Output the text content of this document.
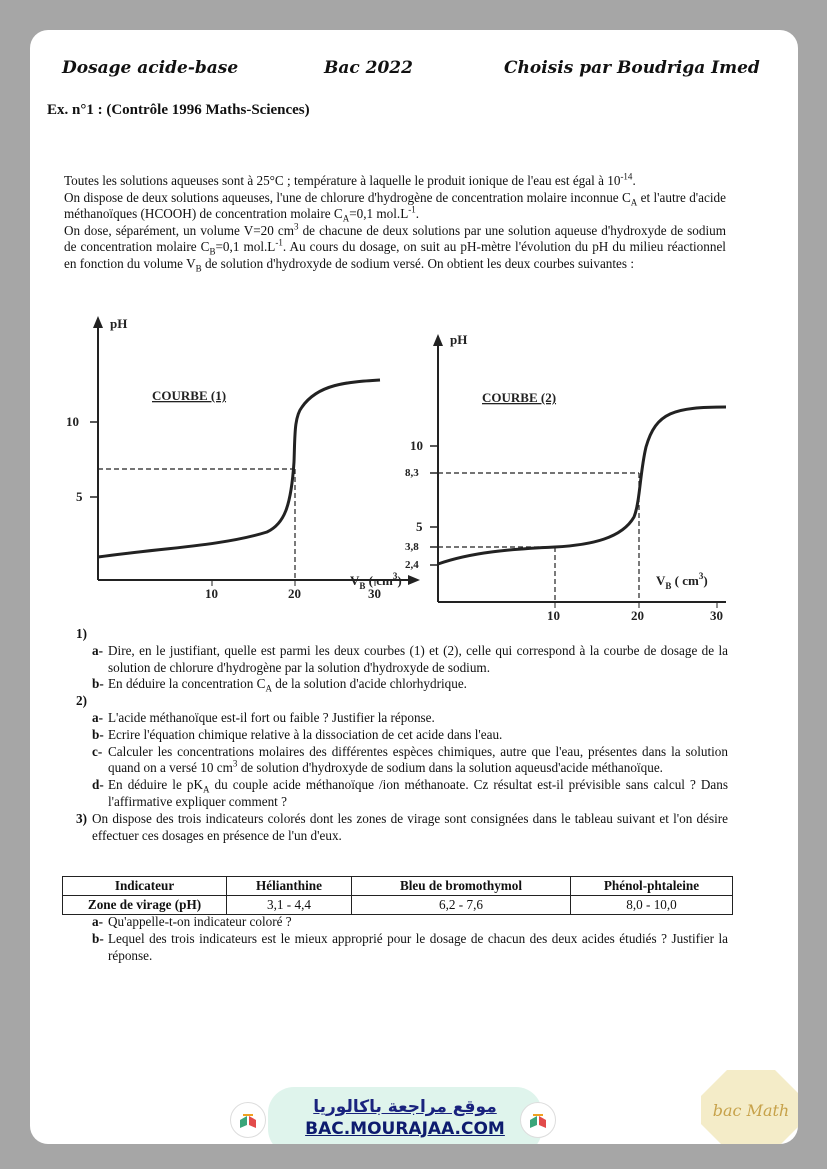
Dosage acide-base	Bac 2022	Choisis par Boudriga Imed
Ex. n°1 : (Contrôle 1996 Maths-Sciences)

Toutes les solutions aqueuses sont à 25°C ; température à laquelle le produit ionique de l'eau est égal à $10^{-14}$.

On dispose de deux solutions aqueuses, l'une de chlorure d'hydrogène de concentration molaire inconnue $C_A$ et l'autre d'acide méthanoïques (HCOOH) de concentration molaire $C_A=0,1$ $mol.L^{-1}$.

On dose, séparément, un volume V=20 $cm^3$ de chacune de deux solutions par une solution aqueuse d'hydroxyde de sodium de concentration molaire $C_B=0,1$ $mol.L^{-1}$. Au cours du dosage, on suit au pH-mètre l'évolution du pH du milieu réactionnel en fonction du volume $V_B$ de solution d'hydroxyde de sodium versé. On obtient les deux courbes suivantes :

pH
COURBE (1)
10
5
10	20	30
$V_B$ ( $cm^3$)
pH
COURBE (2)
10
8,3
5
3,8
2,4
10	20	30
$V_B$ ( $cm^3$)
1)
a- Dire, en le justifiant, quelle est parmi les deux courbes (1) et (2), celle qui correspond à la courbe de dosage de la solution de chlorure d'hydrogène par la solution d'hydroxyde de sodium.
b- En déduire la concentration $C_A$ de la solution d'acide chlorhydrique.
2)
a- L'acide méthanoïque est-il fort ou faible ? Justifier la réponse.
b- Ecrire l'équation chimique relative à la dissociation de cet acide dans l'eau.
c- Calculer les concentrations molaires des différentes espèces chimiques, autre que l'eau, présentes dans la solution quand on a versé 10 $cm^3$ de solution d'hydroxyde de sodium dans la solution aqueusd'acide méthanoïque.
d- En déduire le $pK_A$ du couple acide méthanoïque /ion méthanoate. Cz résultat est-il prévisible sans calcul ? Dans l'affirmative expliquer comment ?
3) On dispose des trois indicateurs colorés dont les zones de virage sont consignées dans le tableau suivant et l'on désire effectuer ces dosages en présence de l'un d'eux.
Indicateur	Hélianthine	Bleu de bromothymol	Phénol-phtaleine
Zone de virage (pH)	3,1 - 4,4	6,2 - 7,6	8,0 - 10,0
a- Qu'appelle-t-on indicateur coloré ?
b- Lequel des trois indicateurs est le mieux approprié pour le dosage de chacun des deux acides étudiés ? Justifier la réponse.
موقع مراجعة باكالوريا
BAC.MOURAJAA.COM
bac Math
